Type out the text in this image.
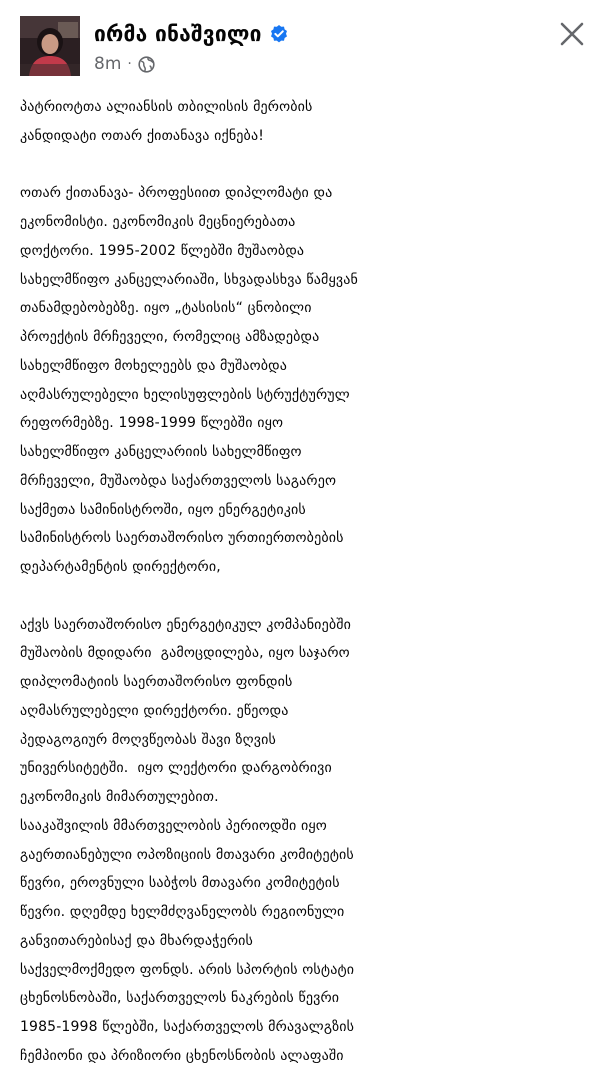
ირმა ინაშვილი
8m ·
პატრიოტთა ალიანსის თბილისის მერობის
კანდიდატი ოთარ ქითანავა იქნება!
ოთარ ქითანავა- პროფესიით დიპლომატი და
ეკონომისტი. ეკონომიკის მეცნიერებათა
დოქტორი. 1995-2002 წლებში მუშაობდა
სახელმწიფო კანცელარიაში, სხვადასხვა წამყვან
თანამდებობებზე. იყო „ტასისის“ ცნობილი
პროექტის მრჩეველი, რომელიც ამზადებდა
სახელმწიფო მოხელეებს და მუშაობდა
აღმასრულებელი ხელისუფლების სტრუქტურულ
რეფორმებზე. 1998-1999 წლებში იყო
სახელმწიფო კანცელარიის სახელმწიფო
მრჩეველი, მუშაობდა საქართველოს საგარეო
საქმეთა სამინისტროში, იყო ენერგეტიკის
სამინისტროს საერთაშორისო ურთიერთობების
დეპარტამენტის დირექტორი,
აქვს საერთაშორისო ენერგეტიკულ კომპანიებში
მუშაობის მდიდარი  გამოცდილება, იყო საჯარო
დიპლომატიის საერთაშორისო ფონდის
აღმასრულებელი დირექტორი. ეწეოდა
პედაგოგიურ მოღვწეობას შავი ზღვის
უნივერსიტეტში.  იყო ლექტორი დარგობრივი
ეკონომიკის მიმართულებით.
სააკაშვილის მმართველობის პერიოდში იყო
გაერთიანებული ოპოზიციის მთავარი კომიტეტის
წევრი, ეროვნული საბჭოს მთავარი კომიტეტის
წევრი. დღემდე ხელმძღვანელობს რეგიონული
განვითარებისაქ და მხარდაჭერის
საქველმოქმედო ფონდს. არის სპორტის ოსტატი
ცხენოსნობაში, საქართველოს ნაკრების წევრი
1985-1998 წლებში, საქართველოს მრავალგზის
ჩემპიონი და პრიზიორი ცხენოსნობის ალაფაში
